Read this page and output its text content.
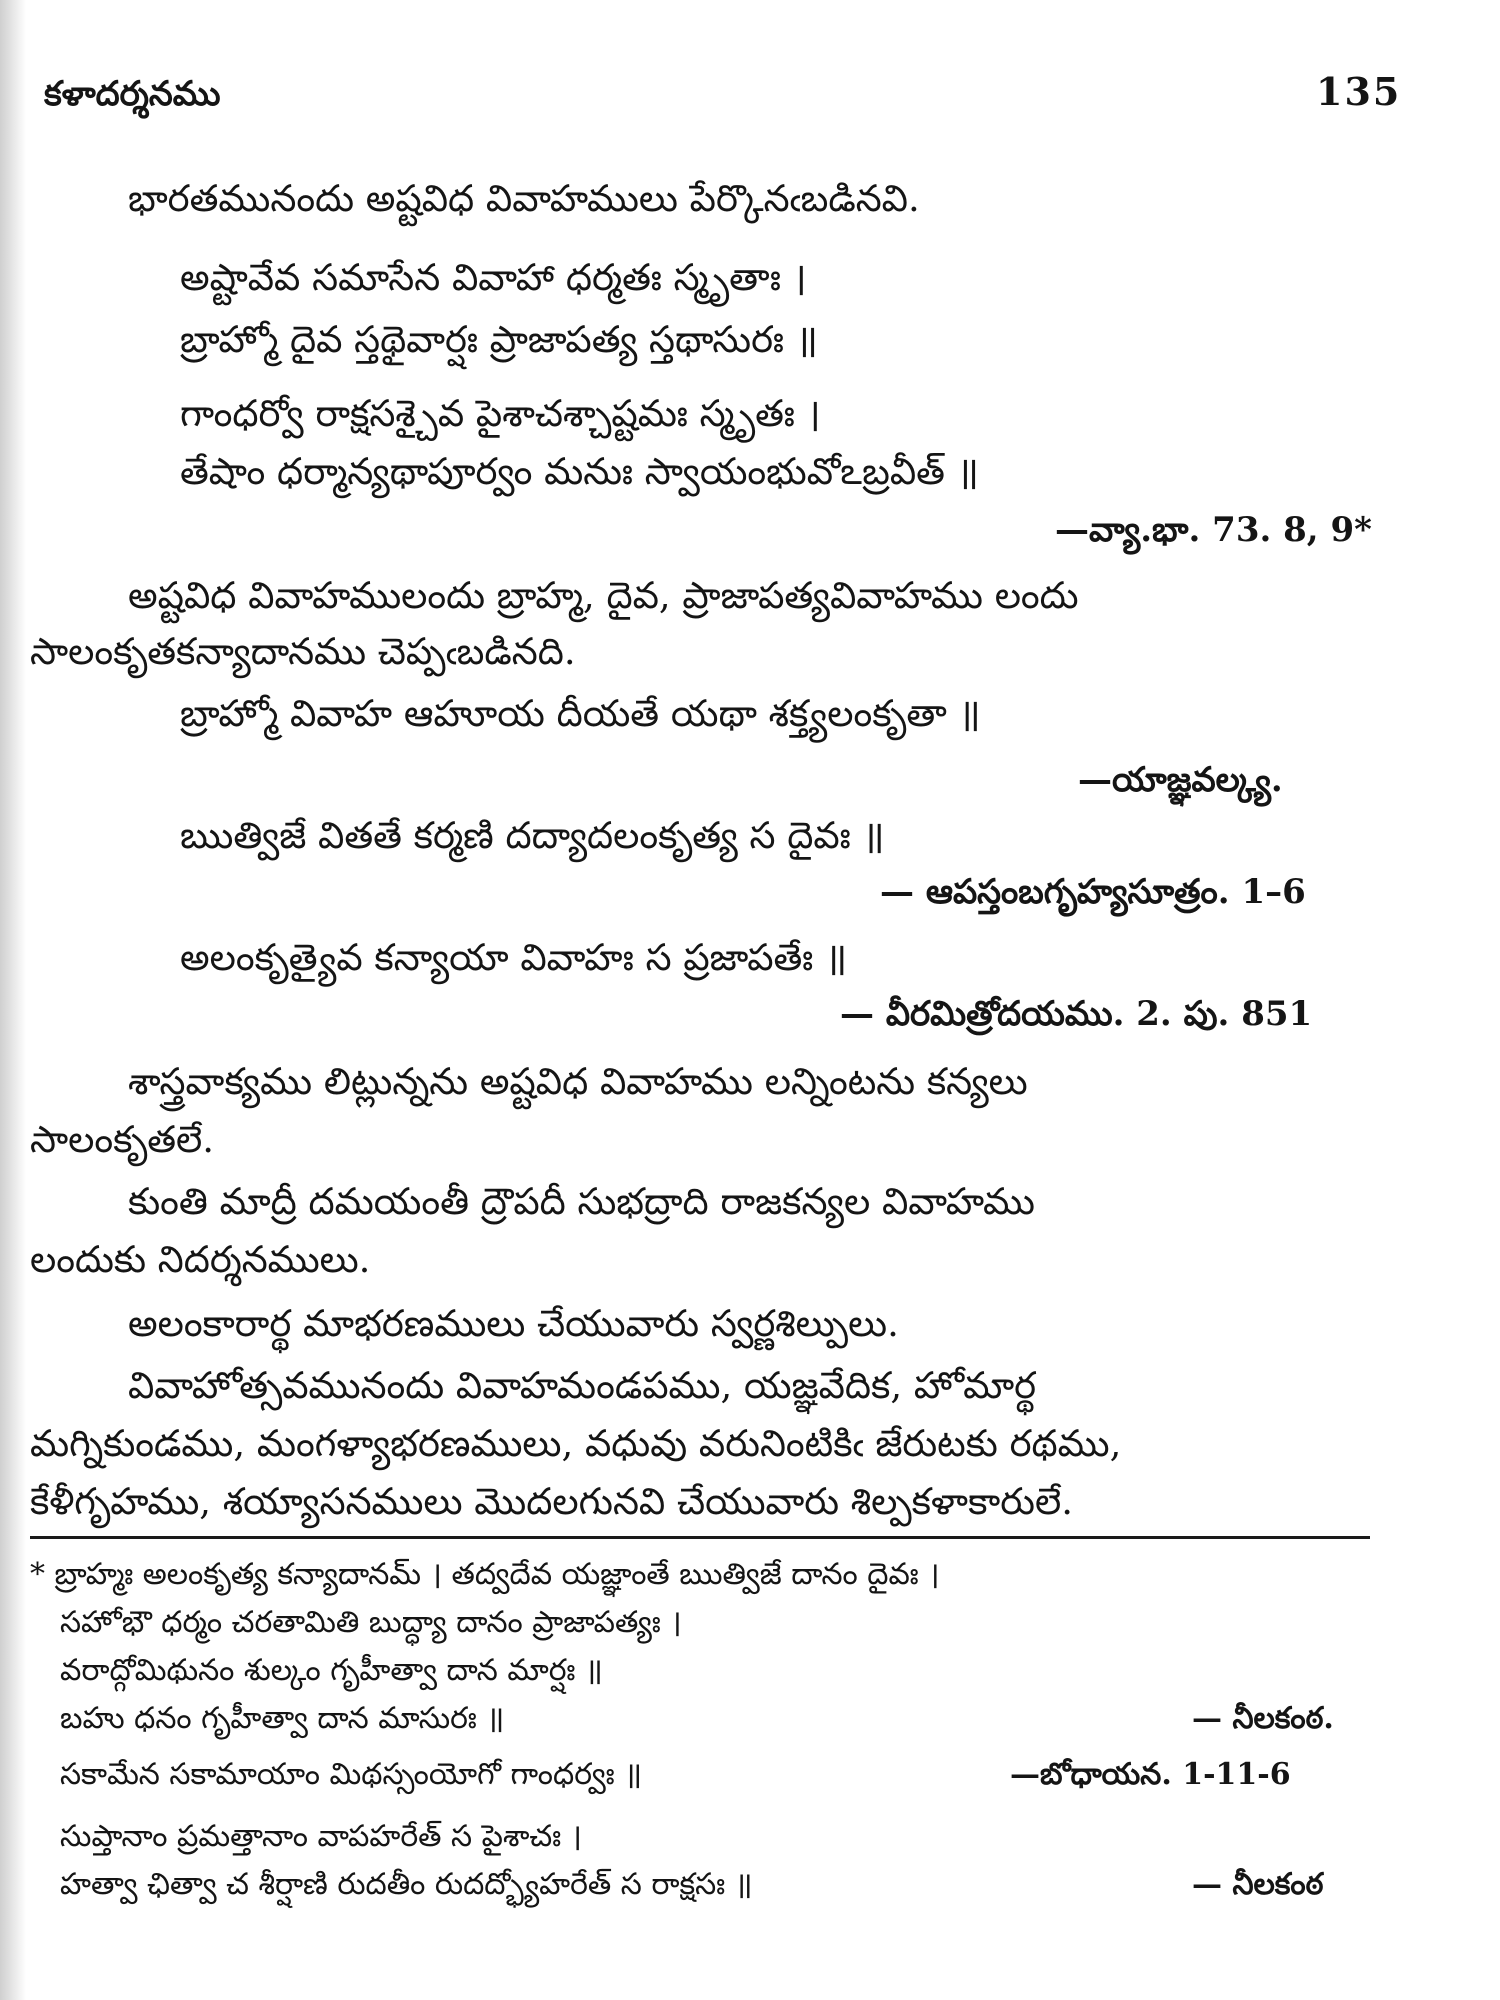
కళాదర్శనము	135
భారతమునందు అష్టవిధ వివాహములు పేర్కొనఁబడినవి.
అష్టావేవ సమాసేన వివాహా ధర్మతః స్మృతాః ।
బ్రాహ్మో దైవ స్తథైవార్షః ప్రాజాపత్య స్తథాసురః ॥
గాంధర్వో రాక్షసశ్చైవ పైశాచశ్చాష్టమః స్మృతః ।
తేషాం ధర్మాన్యథాపూర్వం మనుః స్వాయంభువోఽబ్రవీత్ ॥
—వ్యా.భా. 73. 8, 9*
అష్టవిధ వివాహములందు బ్రాహ్మ, దైవ, ప్రాజాపత్యవివాహము లందు
సాలంకృతకన్యాదానము చెప్పఁబడినది.
బ్రాహ్మో వివాహ ఆహూయ దీయతే యథా శక్త్యలంకృతా ॥
—యాజ్ఞవల్క్య.
ఋత్విజే వితతే కర్మణి దద్యాదలంకృత్య స దైవః ॥
— ఆపస్తంబగృహ్యసూత్రం. 1–6
అలంకృత్యైవ కన్యాయా వివాహః స ప్రజాపతేః ॥
— వీరమిత్రోదయము. 2. పు. 851
శాస్త్రవాక్యము లిట్లున్నను అష్టవిధ వివాహము లన్నింటను కన్యలు
సాలంకృతలే.
కుంతి మాద్రీ దమయంతీ ద్రౌపదీ సుభద్రాది రాజకన్యల వివాహము
లందుకు నిదర్శనములు.
అలంకారార్థ మాభరణములు చేయువారు స్వర్ణశిల్పులు.
వివాహోత్సవమునందు వివాహమండపము, యజ్ఞవేదిక, హోమార్థ
మగ్నికుండము, మంగళ్యాభరణములు, వధువు వరునింటికిఁ జేరుటకు రథము,
కేళీగృహము, శయ్యాసనములు మొదలగునవి చేయువారు శిల్పకళాకారులే.
* బ్రాహ్మః అలంకృత్య కన్యాదానమ్ । తద్వదేవ యజ్ఞాంతే ఋత్విజే దానం దైవః ।
సహోభౌ ధర్మం చరతామితి బుద్ధ్యా దానం ప్రాజాపత్యః ।
వరాద్గోమిథునం శుల్కం గృహీత్వా దాన మార్షః ॥
బహు ధనం గృహీత్వా దాన మాసురః ॥	— నీలకంఠ.
సకామేన సకామాయాం మిథస్సంయోగో గాంధర్వః ॥	—బోధాయన. 1-11-6
సుప్తానాం ప్రమత్తానాం వాపహరేత్ స పైశాచః ।
హత్వా ఛిత్వా చ శీర్షాణి రుదతీం రుదద్భ్యోహరేత్ స రాక్షసః ॥	— నీలకంఠ
